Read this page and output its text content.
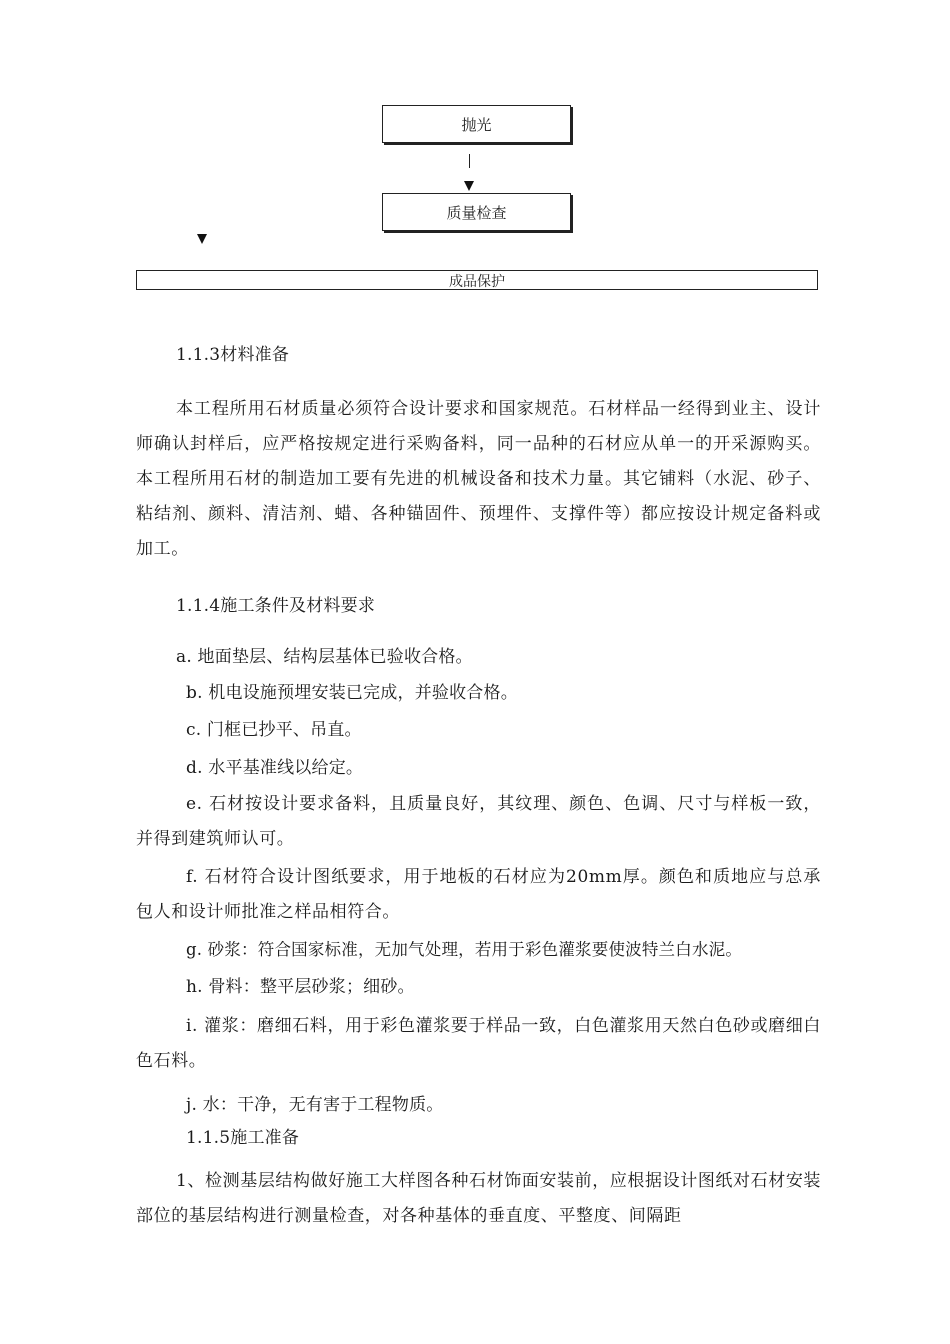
抛光
质量检查
成品保护

1.1.3材料准备

本工程所用石材质量必须符合设计要求和国家规范。石材样品一经得到业主、设计师确认封样后，应严格按规定进行采购备料，同一品种的石材应从单一的开采源购买。本工程所用石材的制造加工要有先进的机械设备和技术力量。其它铺料（水泥、砂子、粘结剂、颜料、清洁剂、蜡、各种锚固件、预埋件、支撑件等）都应按设计规定备料或加工。

1.1.4施工条件及材料要求

a. 地面垫层、结构层基体已验收合格。

b. 机电设施预埋安装已完成，并验收合格。

c. 门框已抄平、吊直。

d. 水平基准线以给定。

e. 石材按设计要求备料，且质量良好，其纹理、颜色、色调、尺寸与样板一致，并得到建筑师认可。

f. 石材符合设计图纸要求，用于地板的石材应为20mm厚。颜色和质地应与总承包人和设计师批准之样品相符合。

g. 砂浆：符合国家标准，无加气处理，若用于彩色灌浆要使波特兰白水泥。

h. 骨料：整平层砂浆；细砂。

i. 灌浆：磨细石料，用于彩色灌浆要于样品一致，白色灌浆用天然白色砂或磨细白色石料。

j. 水：干净，无有害于工程物质。

1.1.5施工准备

1、检测基层结构做好施工大样图各种石材饰面安装前，应根据设计图纸对石材安装部位的基层结构进行测量检查，对各种基体的垂直度、平整度、间隔距
